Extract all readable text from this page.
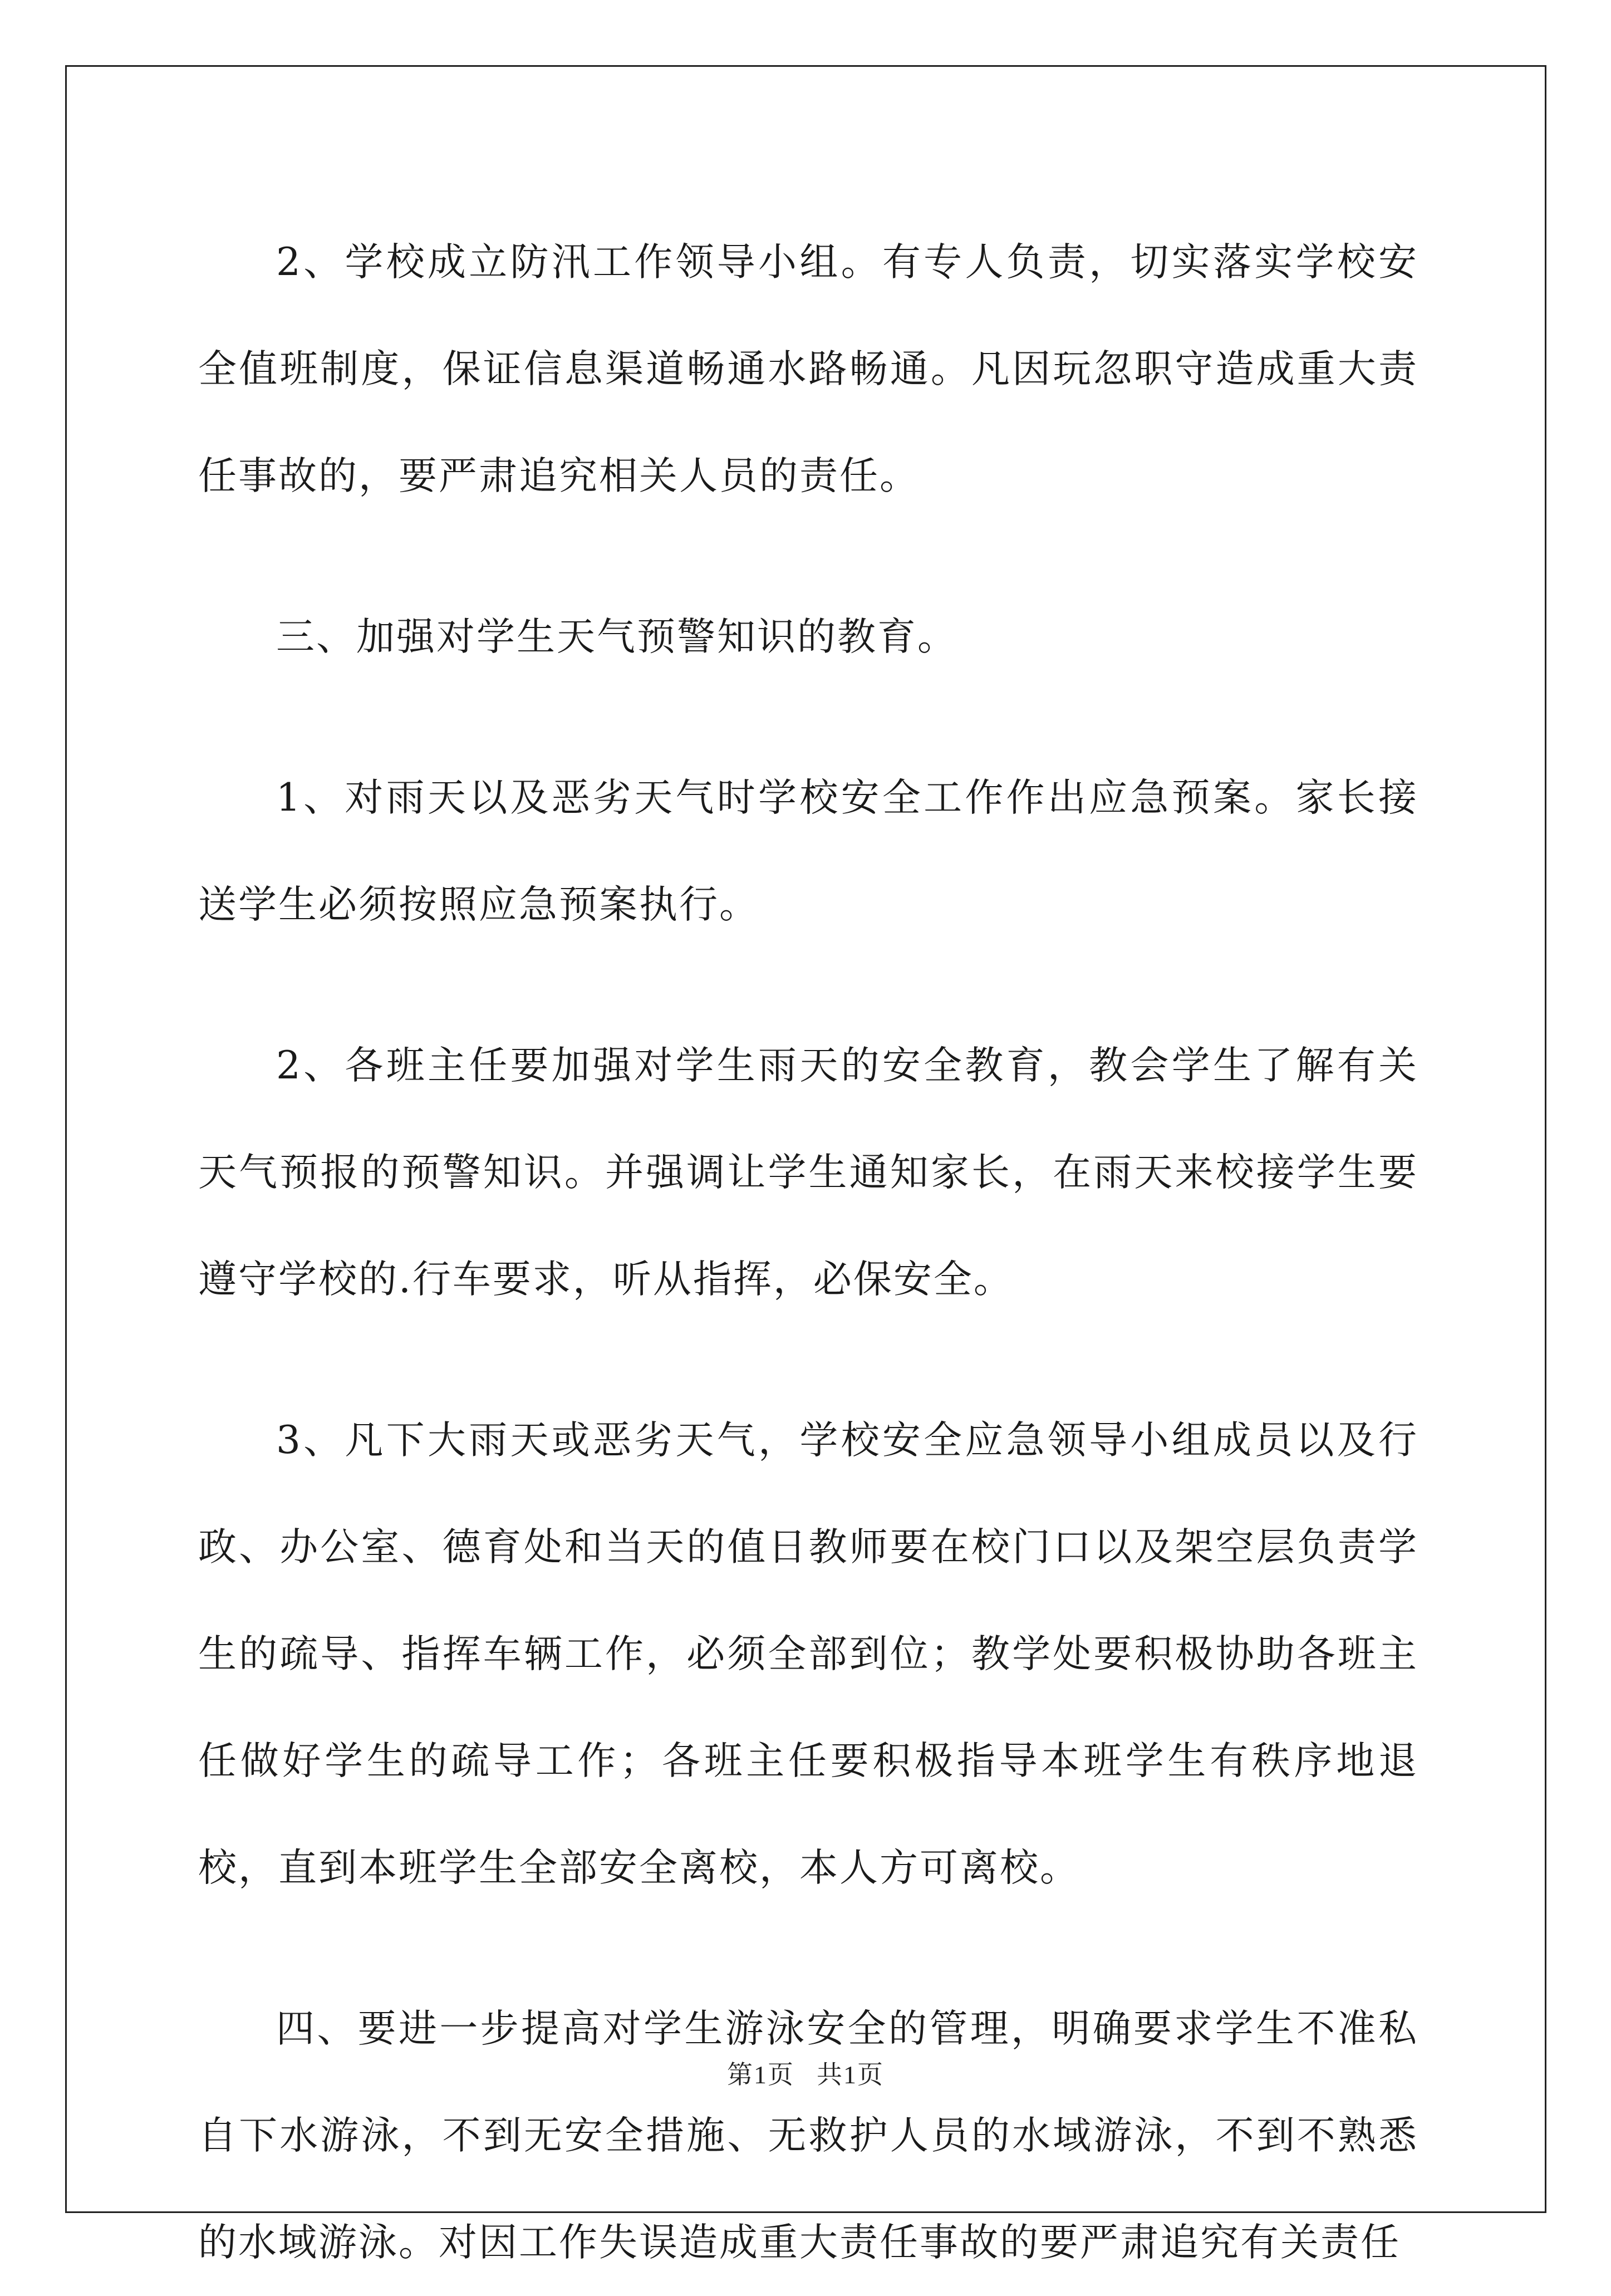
2、学校成立防汛工作领导小组。有专人负责，切实落实学校安全值班制度，保证信息渠道畅通水路畅通。凡因玩忽职守造成重大责任事故的，要严肃追究相关人员的责任。

三、加强对学生天气预警知识的教育。

1、对雨天以及恶劣天气时学校安全工作作出应急预案。家长接送学生必须按照应急预案执行。

2、各班主任要加强对学生雨天的安全教育，教会学生了解有关天气预报的预警知识。并强调让学生通知家长，在雨天来校接学生要遵守学校的.行车要求，听从指挥，必保安全。

3、凡下大雨天或恶劣天气，学校安全应急领导小组成员以及行政、办公室、德育处和当天的值日教师要在校门口以及架空层负责学生的疏导、指挥车辆工作，必须全部到位；教学处要积极协助各班主任做好学生的疏导工作；各班主任要积极指导本班学生有秩序地退校，直到本班学生全部安全离校，本人方可离校。

四、要进一步提高对学生游泳安全的管理，明确要求学生不准私自下水游泳，不到无安全措施、无救护人员的水域游泳，不到不熟悉的水域游泳。对因工作失误造成重大责任事故的要严肃追究有关责任

第1页 共1页
